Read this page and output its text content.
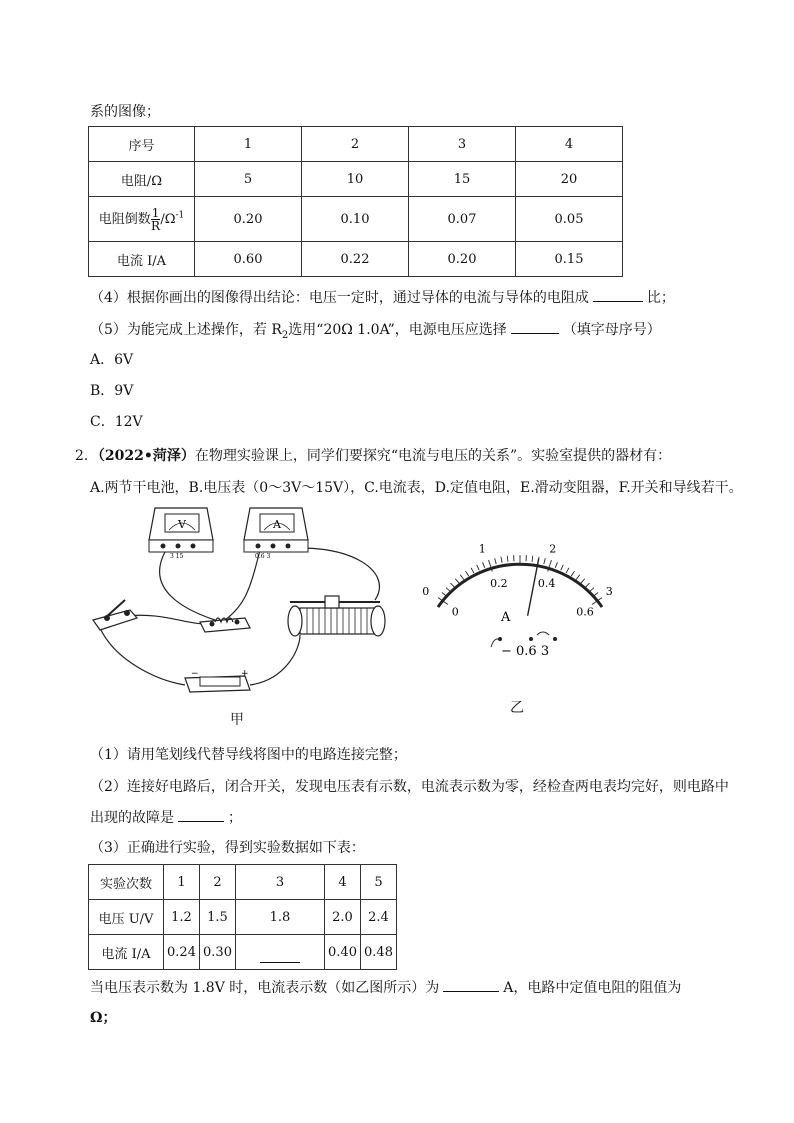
系的图像；
序号	1	2	3	4
电阻/Ω	5	10	15	20
电阻倒数 $\frac{1}{R} /\Omega^{-1}$	0.20	0.10	0.07	0.05
电流 I/A	0.60	0.22	0.20	0.15
（4）根据你画出的图像得出结论：电压一定时，通过导体的电流与导体的电阻成	比；
（5）为能完成上述操作，若 $R_2$选用“20Ω 1.0A”，电源电压应选择	（填字母序号）
A．6V
B．9V
C．12V
2．（2022•菏泽）在物理实验课上，同学们要探究“电流与电压的关系”。实验室提供的器材有：
A.两节干电池，B.电压表（0～3V～15V），C.电流表，D.定值电阻，E.滑动变阻器，F.开关和导线若干。
V
3 15
A
0.6 3
−	+
甲
0
1	2
3
0
0.2	0.4
0.6
A
− 0.6 3
乙
（1）请用笔划线代替导线将图中的电路连接完整；
（2）连接好电路后，闭合开关，发现电压表有示数，电流表示数为零，经检查两电表均完好，则电路中
出现的故障是	；
（3）正确进行实验，得到实验数据如下表：
实验次数	1	2	3	4	5
电压 U/V	1.2	1.5	1.8	2.0	2.4
电流 I/A	0.24	0.30		0.40	0.48
当电压表示数为 1.8V 时，电流表示数（如乙图所示）为	A，电路中定值电阻的阻值为
Ω；
